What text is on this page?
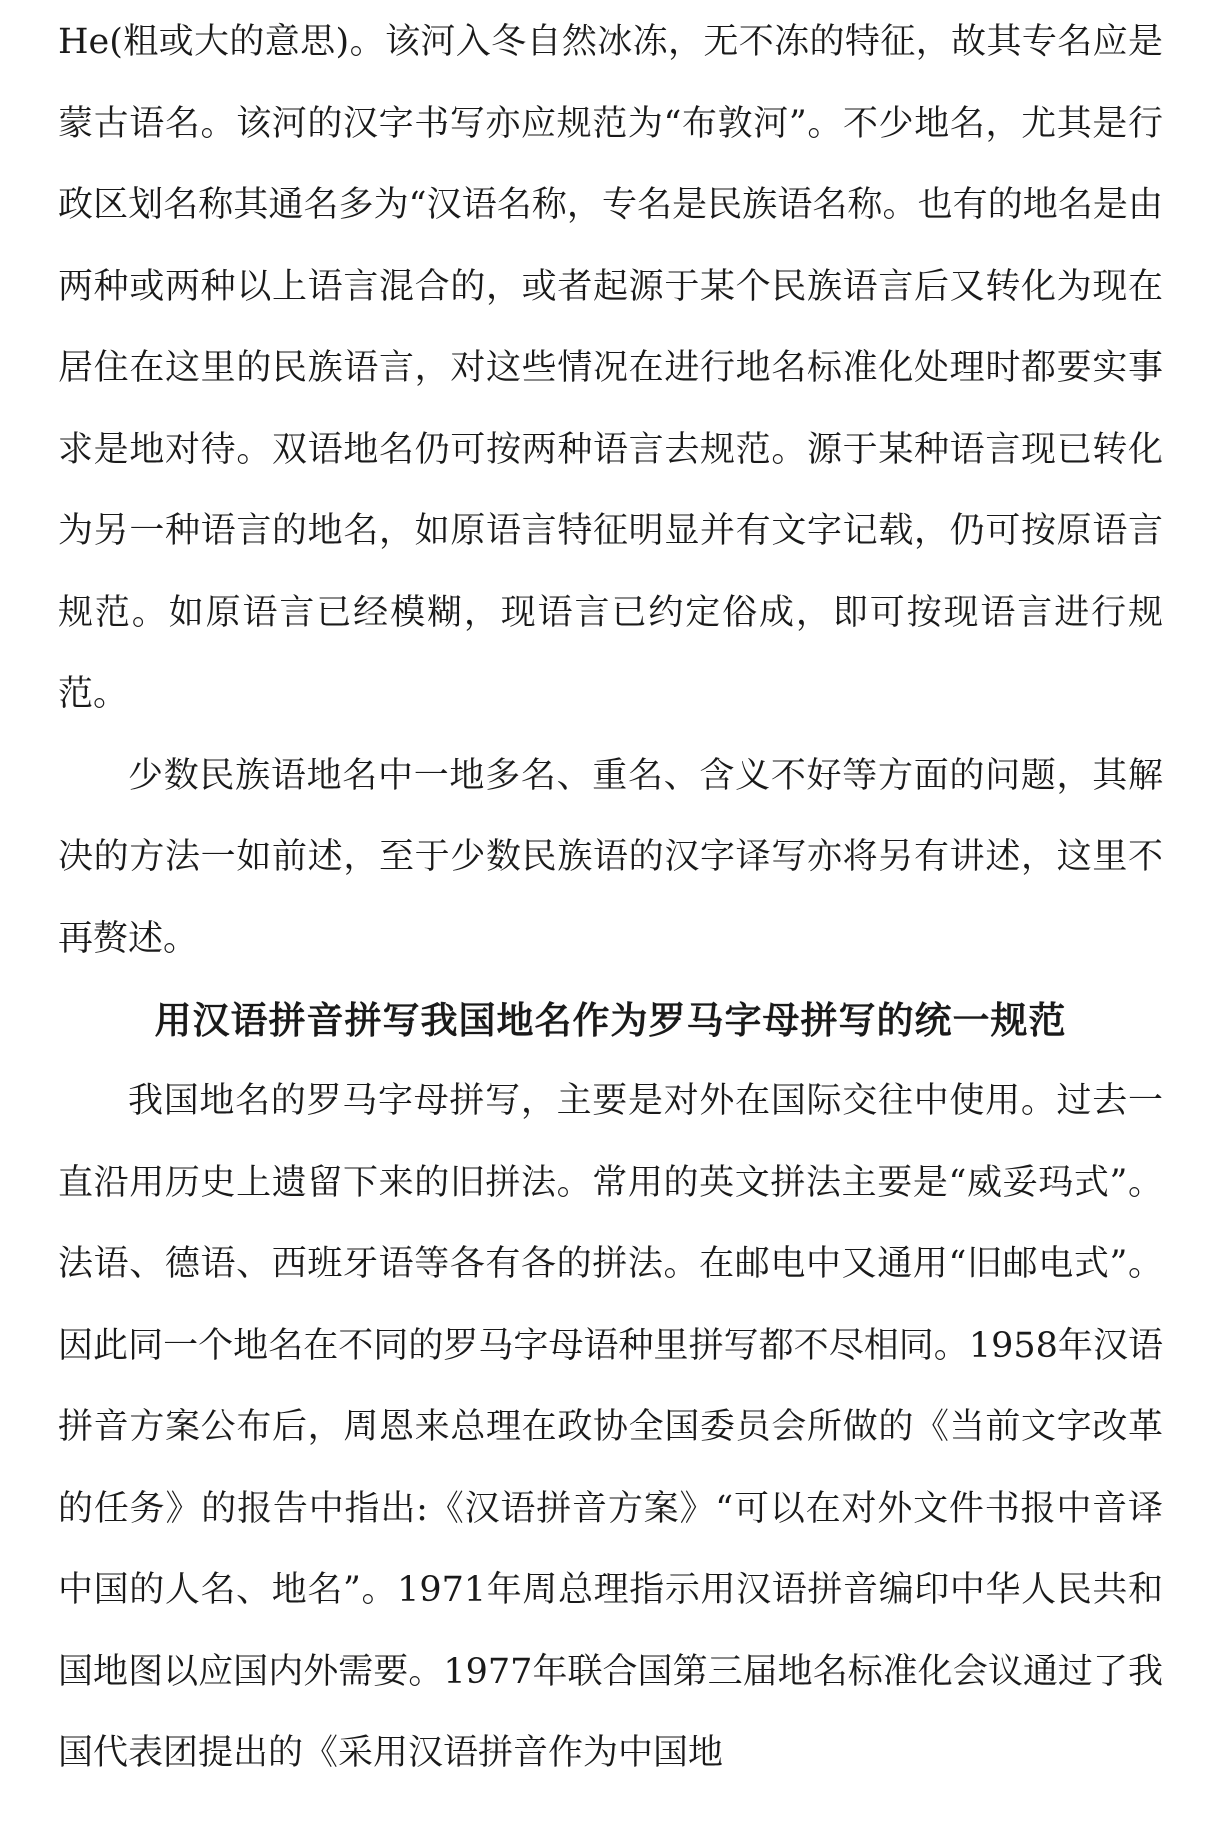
He(粗或大的意思)。该河入冬自然冰冻，无不冻的特征，故其专名应是蒙古语名。该河的汉字书写亦应规范为“布敦河”。不少地名，尤其是行政区划名称其通名多为“汉语名称，专名是民族语名称。也有的地名是由两种或两种以上语言混合的，或者起源于某个民族语言后又转化为现在居住在这里的民族语言，对这些情况在进行地名标准化处理时都要实事求是地对待。双语地名仍可按两种语言去规范。源于某种语言现已转化为另一种语言的地名，如原语言特征明显并有文字记载，仍可按原语言规范。如原语言已经模糊，现语言已约定俗成，即可按现语言进行规范。

少数民族语地名中一地多名、重名、含义不好等方面的问题，其解决的方法一如前述，至于少数民族语的汉字译写亦将另有讲述，这里不再赘述。

用汉语拼音拼写我国地名作为罗马字母拼写的统一规范

我国地名的罗马字母拼写，主要是对外在国际交往中使用。过去一直沿用历史上遗留下来的旧拼法。常用的英文拼法主要是“威妥玛式”。法语、德语、西班牙语等各有各的拼法。在邮电中又通用“旧邮电式”。因此同一个地名在不同的罗马字母语种里拼写都不尽相同。1958年汉语拼音方案公布后，周恩来总理在政协全国委员会所做的《当前文字改革的任务》的报告中指出:《汉语拼音方案》“可以在对外文件书报中音译中国的人名、地名”。1971年周总理指示用汉语拼音编印中华人民共和国地图以应国内外需要。1977年联合国第三届地名标准化会议通过了我国代表团提出的《采用汉语拼音作为中国地
